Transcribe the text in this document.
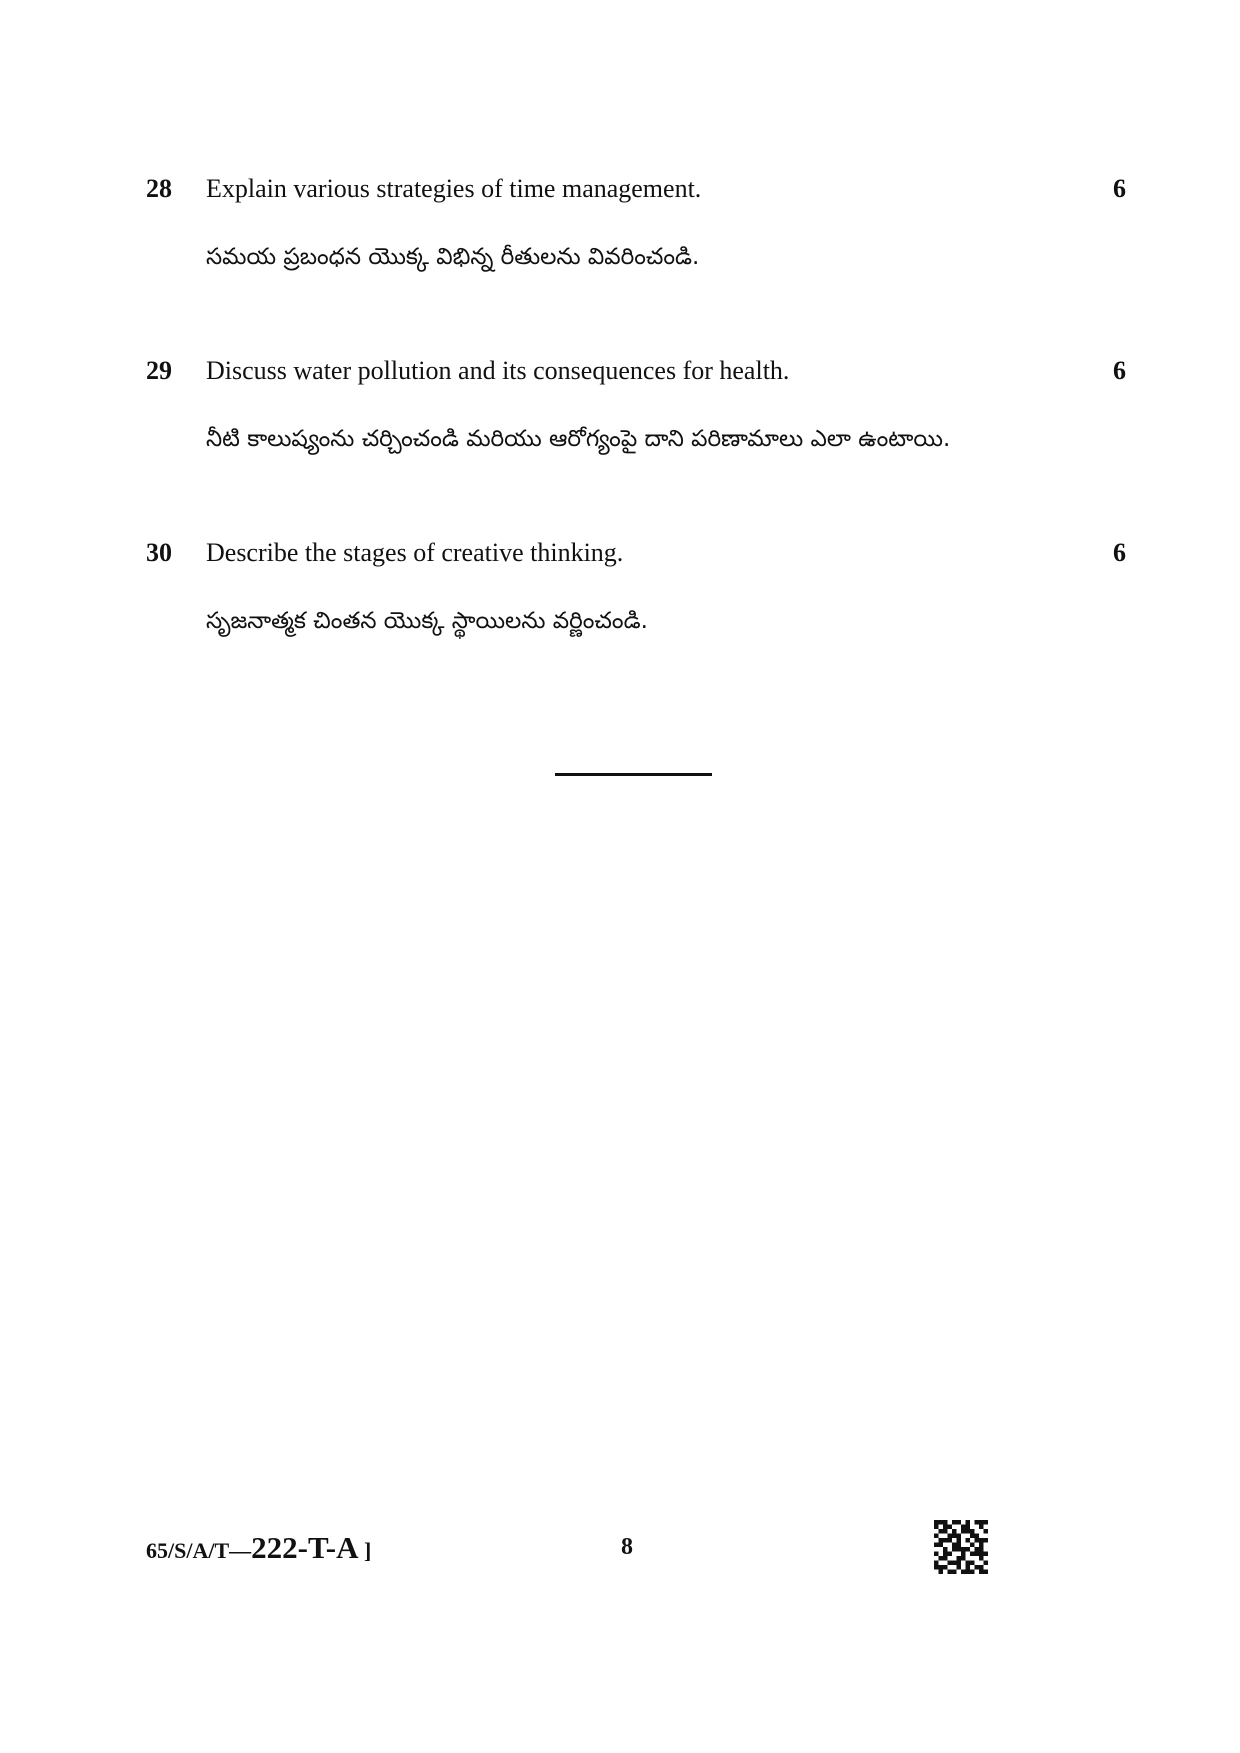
28 Explain various strategies of time management.	6
సమయ ప్రబంధన యొక్క విభిన్న రీతులను వివరించండి.
29 Discuss water pollution and its consequences for health.	6
నీటి కాలుష్యంను చర్చించండి మరియు ఆరోగ్యంపై దాని పరిణామాలు ఎలా ఉంటాయి.
30 Describe the stages of creative thinking.	6
సృజనాత్మక చింతన యొక్క స్థాయిలను వర్ణించండి.
65/S/A/T—222-T-A ]	8
